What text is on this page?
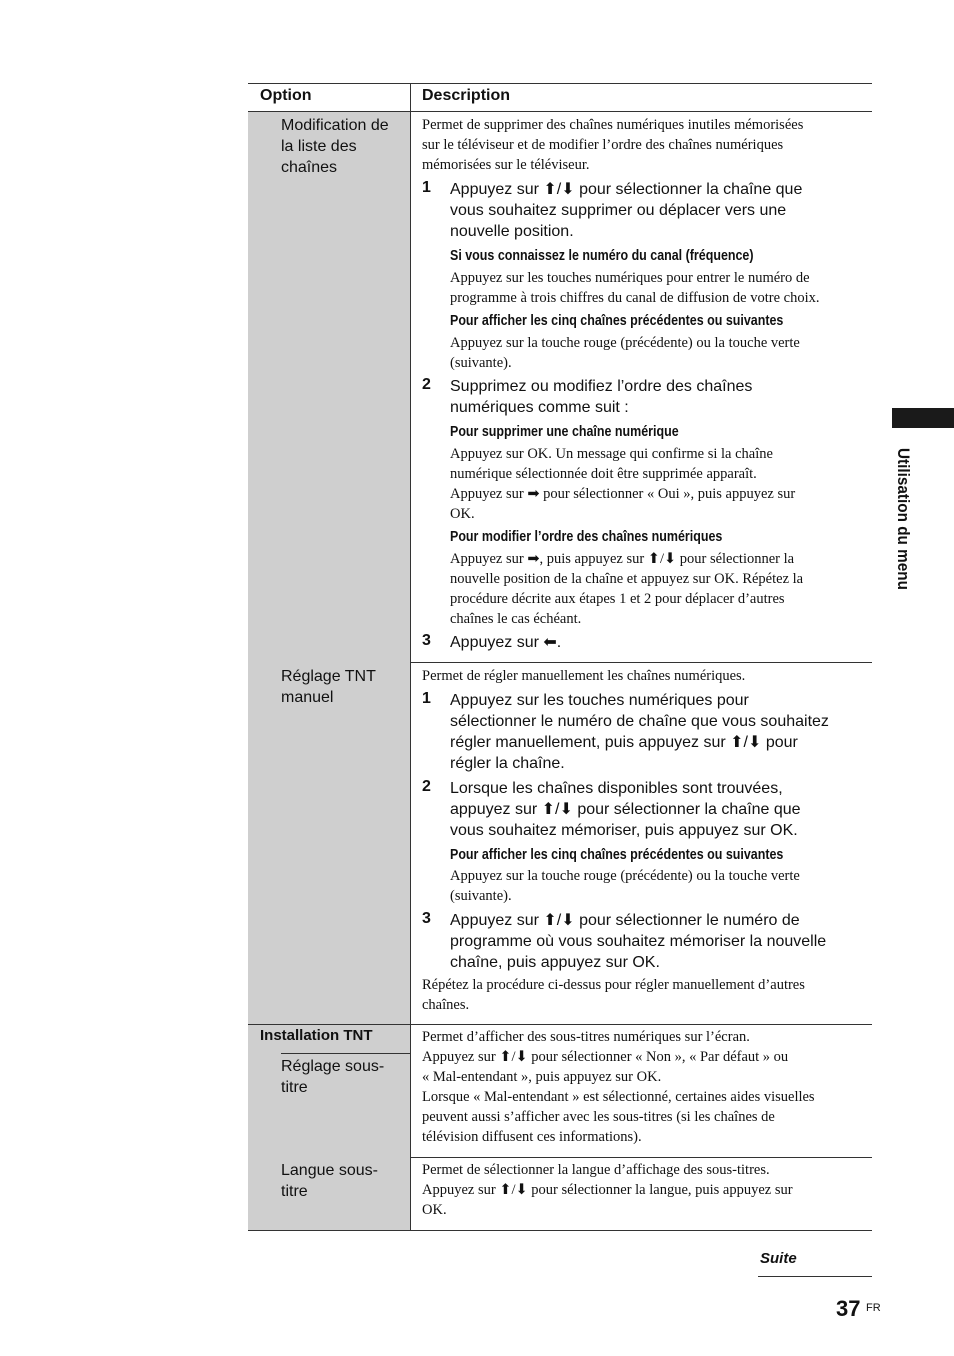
Option	Description
Modification de
la liste des
chaînes
Permet de supprimer des chaînes numériques inutiles mémorisées
sur le téléviseur et de modifier l’ordre des chaînes numériques
mémorisées sur le téléviseur.
1 Appuyez sur ⬆/⬇ pour sélectionner la chaîne que
vous souhaitez supprimer ou déplacer vers une
nouvelle position.
Si vous connaissez le numéro du canal (fréquence)
Appuyez sur les touches numériques pour entrer le numéro de
programme à trois chiffres du canal de diffusion de votre choix.
Pour afficher les cinq chaînes précédentes ou suivantes
Appuyez sur la touche rouge (précédente) ou la touche verte
(suivante).
2 Supprimez ou modifiez l’ordre des chaînes
numériques comme suit :
Pour supprimer une chaîne numérique
Appuyez sur OK. Un message qui confirme si la chaîne
numérique sélectionnée doit être supprimée apparaît.
Appuyez sur ➡ pour sélectionner « Oui », puis appuyez sur
OK.
Pour modifier l’ordre des chaînes numériques
Appuyez sur ➡, puis appuyez sur ⬆/⬇ pour sélectionner la
nouvelle position de la chaîne et appuyez sur OK. Répétez la
procédure décrite aux étapes 1 et 2 pour déplacer d’autres
chaînes le cas échéant.
3 Appuyez sur ⬅.
Réglage TNT
manuel
Permet de régler manuellement les chaînes numériques.
1 Appuyez sur les touches numériques pour
sélectionner le numéro de chaîne que vous souhaitez
régler manuellement, puis appuyez sur ⬆/⬇ pour
régler la chaîne.
2 Lorsque les chaînes disponibles sont trouvées,
appuyez sur ⬆/⬇ pour sélectionner la chaîne que
vous souhaitez mémoriser, puis appuyez sur OK.
Pour afficher les cinq chaînes précédentes ou suivantes
Appuyez sur la touche rouge (précédente) ou la touche verte
(suivante).
3 Appuyez sur ⬆/⬇ pour sélectionner le numéro de
programme où vous souhaitez mémoriser la nouvelle
chaîne, puis appuyez sur OK.
Répétez la procédure ci-dessus pour régler manuellement d’autres
chaînes.
Installation TNT
Réglage sous-
titre
Permet d’afficher des sous-titres numériques sur l’écran.
Appuyez sur ⬆/⬇ pour sélectionner « Non », « Par défaut » ou
« Mal-entendant », puis appuyez sur OK.
Lorsque « Mal-entendant » est sélectionné, certaines aides visuelles
peuvent aussi s’afficher avec les sous-titres (si les chaînes de
télévision diffusent ces informations).
Langue sous-
titre
Permet de sélectionner la langue d’affichage des sous-titres.
Appuyez sur ⬆/⬇ pour sélectionner la langue, puis appuyez sur
OK.
Utilisation du menu
Suite
37 FR
